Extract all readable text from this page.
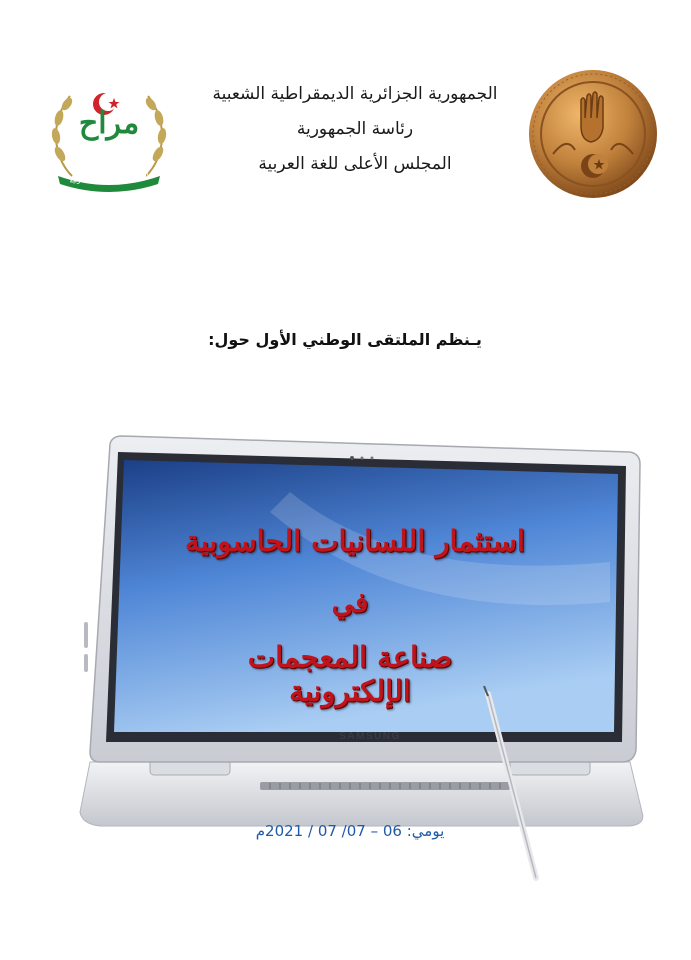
الجمهورية الجزائرية الديمقراطية الشعبية
رئاسة الجمهورية
المجلس الأعلى للغة العربية
مراح
المجلس الأعلى للغة العربية
يـنظم الملتقى الوطني الأول حول:
استثمار اللسانيات الحاسوبية
في
صناعة المعجمات الإلكترونية
SAMSUNG
يومي: 06 – 07/ 07 / 2021م
